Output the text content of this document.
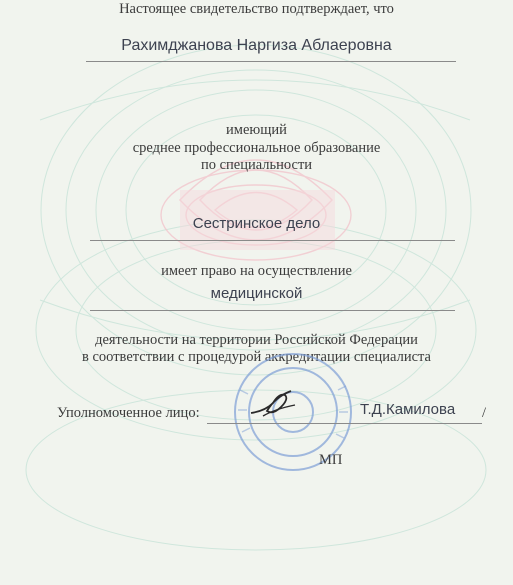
Настоящее свидетельство подтверждает, что
Рахимджанова Наргиза Аблаеровна
имеющий
среднее профессиональное образование
по специальности
Сестринское дело
имеет право на осуществление
медицинской
деятельности на территории Российской Федерации
в соответствии с процедурой аккредитации специалиста
Уполномоченное лицо:	Т.Д.Камилова /
МП
